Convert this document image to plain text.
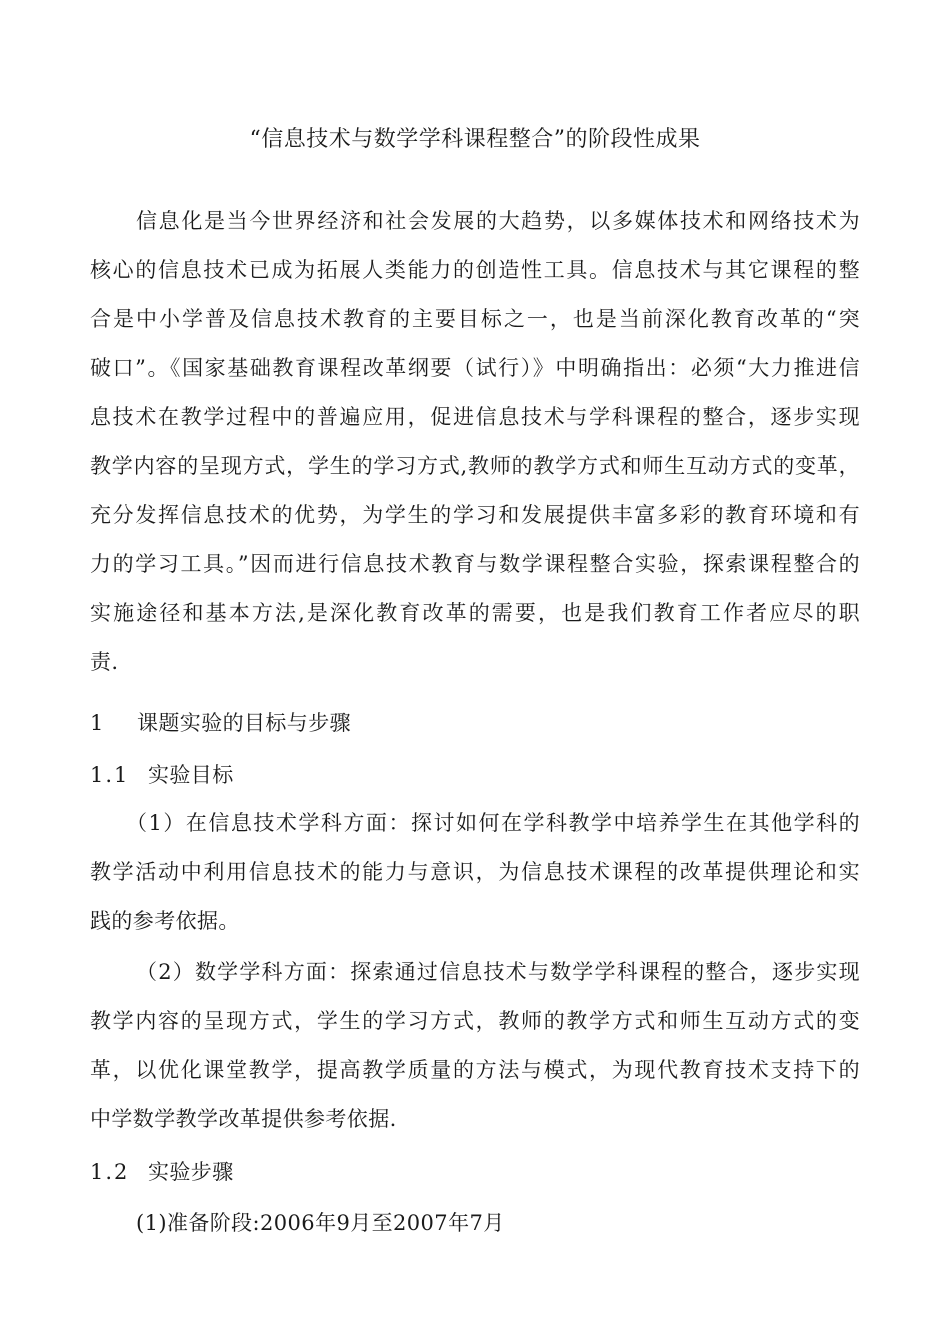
“信息技术与数学学科课程整合”的阶段性成果
信息化是当今世界经济和社会发展的大趋势，以多媒体技术和网络技术为
核心的信息技术已成为拓展人类能力的创造性工具。信息技术与其它课程的整
合是中小学普及信息技术教育的主要目标之一，也是当前深化教育改革的“突
破口”。《国家基础教育课程改革纲要（试行）》中明确指出：必须“大力推进信
息技术在教学过程中的普遍应用，促进信息技术与学科课程的整合，逐步实现
教学内容的呈现方式，学生的学习方式,教师的教学方式和师生互动方式的变革，
充分发挥信息技术的优势，为学生的学习和发展提供丰富多彩的教育环境和有
力的学习工具。”因而进行信息技术教育与数学课程整合实验，探索课程整合的
实施途径和基本方法,是深化教育改革的需要，也是我们教育工作者应尽的职
责.
1 课题实验的目标与步骤
1.1 实验目标
（1）在信息技术学科方面：探讨如何在学科教学中培养学生在其他学科的
教学活动中利用信息技术的能力与意识，为信息技术课程的改革提供理论和实
践的参考依据。
（2）数学学科方面：探索通过信息技术与数学学科课程的整合，逐步实现
教学内容的呈现方式，学生的学习方式，教师的教学方式和师生互动方式的变
革，以优化课堂教学，提高教学质量的方法与模式，为现代教育技术支持下的
中学数学教学改革提供参考依据.
1.2 实验步骤
(1)准备阶段:2006年9月至2007年7月
